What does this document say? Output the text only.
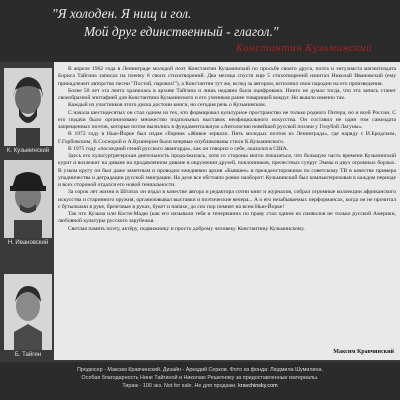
"Я холоден. Я нищ и гол.
Мой друг единственный - глагол."
Константин Кузьминский
К. Кузьминский
Н. Ивановский
Б. Тайгин

В апреле 1962 года в Ленинграде молодой поэт Константин Кузьминский по просьбе своего друга, поэта и энтузиаста магнитиздата Бориса Тайгина записал на пленку 8 своих стихотворений. Два месяца спустя еще 5 стихотворений начитал Николай Ивановский (ему принадлежит авторство песни "Постой, паровоз!"), а Константин тут же, вслед за автором, исполнил свои пародии на его произведения.

Более 50 лет эта лента хранилась в архиве Тайгина и лишь недавно была оцифрована. Никто не думал тогда, что эта запись станет своеобразной эпитафией для Константина Кузьминского и его учеников ранее товарищей вокруг. Но вышло именно так.

Каждый из участников этого диска достоин книги, но сегодня речь о Кузьминском.

С начала шестидесятых он стал одним из тех, кто формировал культурное пространство не только родного Питера, но и всей России. С его подачи было организовано множество подпольных выставок неофициального искусства. Он составил не один том самиздата запрещенных поэтов, которые потом вылились в фундаментальную «Антологию новейшей русской поэзии у Голубой Лагуны».

В 1972 году в Нью-Йорке был издан сборник «Живое зеркало. Пять молодых поэтов из Ленинграда», где наряду с И.Бродским, Г.Горбовским, В.Соснорой и А.Кушнером были впервые опубликованы стихи К.Кузьминского.

В 1975 году «последний гений русского авангарда», как он говорил о себе, оказался в США.

Здесь его культуртрегерская деятельность продолжилась, хотя со стороны могло показаться, что большую часть времени Кузьминский курит и возлежит на диване на продавленном диване в окружении друзей, поклонников, прелестных супруг Эммы и двух огромных борзых. В узком кругу он был даже заметным и проводил ежедневно архив «Бывшее» в преждеосторожном по советскому ТВ в качестве примера упадничества и деградации русской эмиграции. На деле все обстояло ровно наоборот: Кузьминский был компьютеризован в каждом периоде и всех стороной отдался его новой гениальности.

За сорок лет жизни в Штатах он издал в качестве автора и редактора сотни книг и журналов, собрал огромные коллекции африканского искусства и старинного оружия, организовывал выставки и поэтические вечера... А о его незабываемых перформансах, когда он не прочитал с бутылками в руке, брезговые в руках, букет и папахе, до сих пор помнят на всем Нью-Йорке!

Так что Кузьма или Костя-Мадю (как его называли тебя и теперешних по праву стал одним из символов не только русской Америки, любовной культуры русского зарубежья.

Светлая память поэту, актёру, подвижнику и просто доброму человеку Константину Кузьминскому.

Максим Кравчинский
Продюсер - Максим Кравчинский. Дизайн - Аркадий Серков. Фото из фонда: Людмила Шумилина.
Особая благодарность Нине Тайгиной и Николаю Решетняку за предоставленные материалы.
Тираж - 100 экз. Not for sale. Не для продажи. kravchinsky.com
